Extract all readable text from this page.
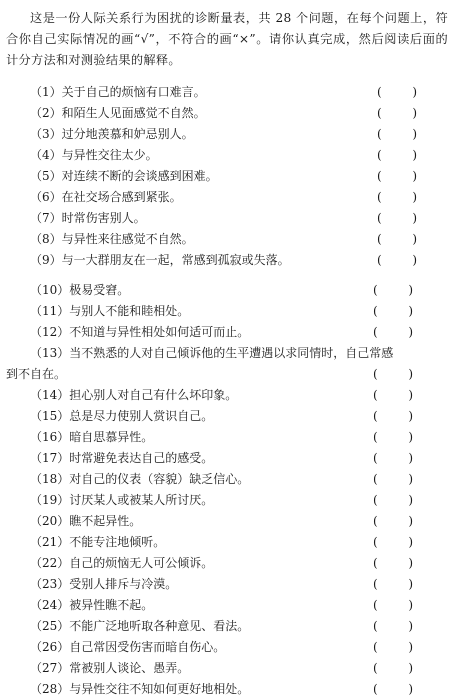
这是一份人际关系行为困扰的诊断量表，共 28 个问题，在每个问题上，符合你自己实际情况的画“√”，不符合的画“×”。请你认真完成，然后阅读后面的计分方法和对测验结果的解释。

（1）关于自己的烦恼有口难言。	(	)
（2）和陌生人见面感觉不自然。	(	)
（3）过分地羡慕和妒忌别人。	(	)
（4）与异性交往太少。	(	)
（5）对连续不断的会谈感到困难。	(	)
（6）在社交场合感到紧张。	(	)
（7）时常伤害别人。	(	)
（8）与异性来往感觉不自然。	(	)
（9）与一大群朋友在一起，常感到孤寂或失落。	(	)
（10）极易受窘。	(	)
（11）与别人不能和睦相处。	(	)
（12）不知道与异性相处如何适可而止。	(	)
（13）当不熟悉的人对自己倾诉他的生平遭遇以求同情时，自己常感
到不自在。	(	)
（14）担心别人对自己有什么坏印象。	(	)
（15）总是尽力使别人赏识自己。	(	)
（16）暗自思慕异性。	(	)
（17）时常避免表达自己的感受。	(	)
（18）对自己的仪表（容貌）缺乏信心。	(	)
（19）讨厌某人或被某人所讨厌。	(	)
（20）瞧不起异性。	(	)
（21）不能专注地倾听。	(	)
（22）自己的烦恼无人可公倾诉。	(	)
（23）受别人排斥与冷漠。	(	)
（24）被异性瞧不起。	(	)
（25）不能广泛地听取各种意见、看法。	(	)
（26）自己常因受伤害而暗自伤心。	(	)
（27）常被别人谈论、愚弄。	(	)
（28）与异性交往不知如何更好地相处。	(	)
